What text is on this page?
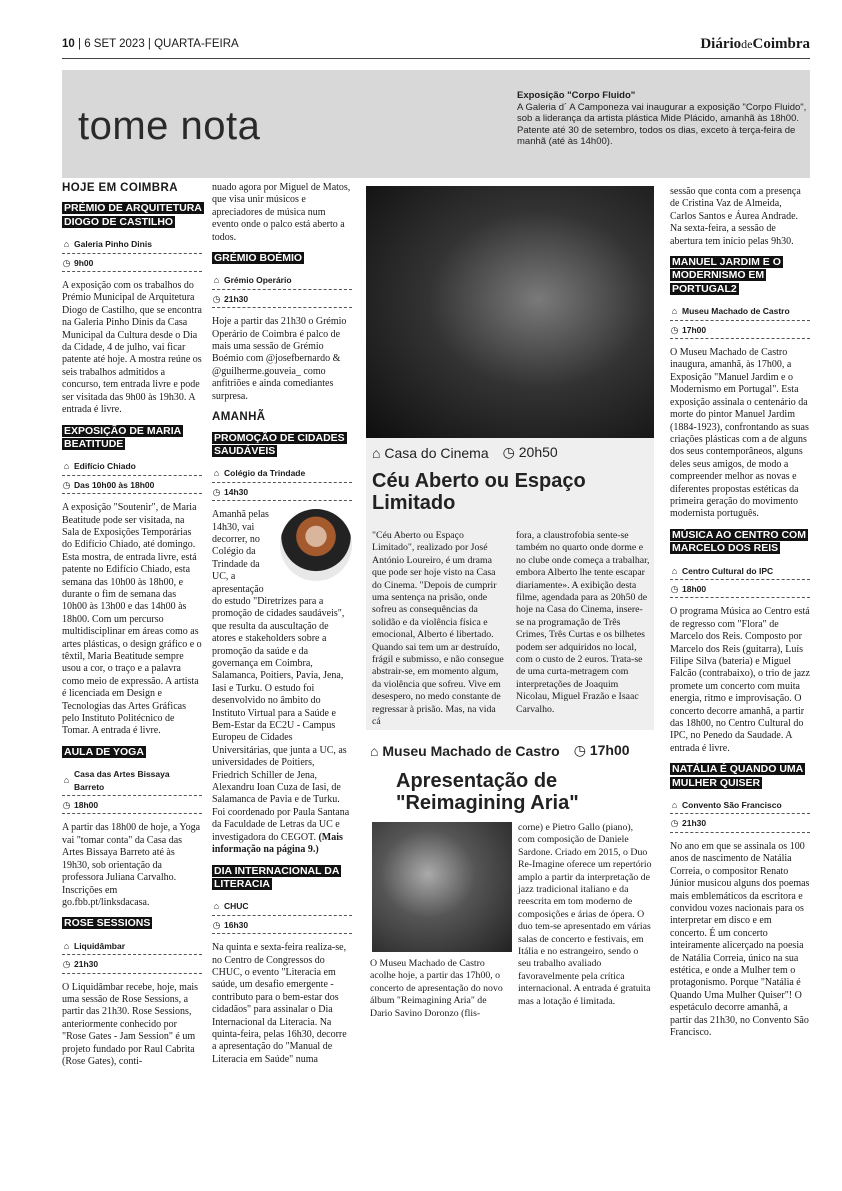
10 | 6 SET 2023 | QUARTA-FEIRA	DiáriodeCoimbra
tome nota
Exposição "Corpo Fluido"
A Galeria d´ A Camponeza vai inaugurar a exposição "Corpo Fluido", sob a liderança da artista plástica Mide Plácido, amanhã às 18h00. Patente até 30 de setembro, todos os dias, exceto à terça-feira de manhã (até às 14h00).
HOJE EM COIMBRA
PRÉMIO DE ARQUITETURA DIOGO DE CASTILHO
⌂ Galeria Pinho Dinis
◷ 9h00

A exposição com os trabalhos do Prémio Municipal de Arquitetura Diogo de Castilho, que se encontra na Galeria Pinho Dinis da Casa Municipal da Cultura desde o Dia da Cidade, 4 de julho, vai ficar patente até hoje. A mostra reúne os seis trabalhos admitidos a concurso, tem entrada livre e pode ser visitada das 9h00 às 19h30. A entrada é livre.

EXPOSIÇÃO DE MARIA BEATITUDE
⌂ Edifício Chiado
◷ Das 10h00 às 18h00

A exposição "Soutenir", de Maria Beatitude pode ser visitada, na Sala de Exposições Temporárias do Edifício Chiado, até domingo. Esta mostra, de entrada livre, está patente no Edifício Chiado, esta semana das 10h00 às 18h00, e durante o fim de semana das 10h00 às 13h00 e das 14h00 às 18h00. Com um percurso multidisciplinar em áreas como as artes plásticas, o design gráfico e o têxtil, Maria Beatitude sempre usou a cor, o traço e a palavra como meio de expressão. A artista é licenciada em Design e Tecnologias das Artes Gráficas pelo Instituto Politécnico de Tomar. A entrada é livre.

AULA DE YOGA
⌂
Casa das Artes Bissaya Barreto
◷ 18h00

A partir das 18h00 de hoje, a Yoga vai "tomar conta" da Casa das Artes Bissaya Barreto até às 19h30, sob orientação da professora Juliana Carvalho. Inscrições em go.fbb.pt/linksdacasa.

ROSE SESSIONS
⌂ Liquidâmbar
◷ 21h30

O Liquidâmbar recebe, hoje, mais uma sessão de Rose Sessions, a partir das 21h30. Rose Sessions, anteriormente conhecido por "Rose Gates - Jam Session" é um projeto fundado por Raul Cabrita (Rose Gates), conti-

nuado agora por Miguel de Matos, que visa unir músicos e apreciadores de música num evento onde o palco está aberto a todos.

GRÉMIO BOÉMIO
⌂ Grémio Operário
◷ 21h30

Hoje a partir das 21h30 o Grémio Operário de Coimbra é palco de mais uma sessão de Grémio Boémio com @josefbernardo & @guilherme.gouveia_ como anfitriões e ainda comediantes surpresa.

AMANHÃ
PROMOÇÃO DE CIDADES SAUDÁVEIS
⌂ Colégio da Trindade
◷ 14h30

Amanhã pelas 14h30, vai decorrer, no Colégio da Trindade da UC, a apresentação do estudo "Diretrizes para a promoção de cidades saudáveis", que resulta da auscultação de atores e stakeholders sobre a promoção da saúde e da governança em Coimbra, Salamanca, Poitiers, Pavia, Jena, Iasi e Turku. O estudo foi desenvolvido no âmbito do Instituto Virtual para a Saúde e Bem-Estar da EC2U - Campus Europeu de Cidades Universitárias, que junta a UC, as universidades de Poitiers, Friedrich Schiller de Jena, Alexandru Ioan Cuza de Iasi, de Salamanca de Pavia e de Turku. Foi coordenado por Paula Santana da Faculdade de Letras da UC e investigadora do CEGOT. (Mais informação na página 9.)

DIA INTERNACIONAL DA LITERACIA
⌂ CHUC
◷ 16h30

Na quinta e sexta-feira realiza-se, no Centro de Congressos do CHUC, o evento "Literacia em saúde, um desafio emergente - contributo para o bem-estar dos cidadãos" para assinalar o Dia Internacional da Literacia. Na quinta-feira, pelas 16h30, decorre a apresentação do "Manual de Literacia em Saúde" numa

⌂ Casa do Cinema ◷ 20h50
Céu Aberto ou Espaço Limitado
"Céu Aberto ou Espaço Limitado", realizado por José António Loureiro, é um drama que pode ser hoje visto na Casa do Cinema. "Depois de cumprir uma sentença na prisão, onde sofreu as consequências da solidão e da violência física e emocional, Alberto é libertado. Quando sai tem um ar destruído, frágil e submisso, e não consegue abstrair-se, em momento algum, da violência que sofreu. Vive em desespero, no medo constante de regressar à prisão. Mas, na vida cá
fora, a claustrofobia sente-se também no quarto onde dorme e no clube onde começa a trabalhar, embora Alberto lhe tente escapar diariamente». A exibição desta filme, agendada para as 20h50 de hoje na Casa do Cinema, insere-se na programação de Três Crimes, Três Curtas e os bilhetes podem ser adquiridos no local, com o custo de 2 euros. Trata-se de uma curta-metragem com interpretações de Joaquim Nicolau, Miguel Frazão e Isaac Carvalho.
⌂ Museu Machado de Castro ◷ 17h00
Apresentação de "Reimagining Aria"
O Museu Machado de Castro acolhe hoje, a partir das 17h00, o concerto de apresentação do novo álbum "Reimagining Aria" de Dario Savino Doronzo (flis-
corne) e Pietro Gallo (piano), com composição de Daniele Sardone. Criado em 2015, o Duo Re-Imagine oferece um repertório amplo a partir da interpretação de jazz tradicional italiano e da reescrita em tom moderno de composições e árias de ópera. O duo tem-se apresentado em várias salas de concerto e festivais, em Itália e no estrangeiro, sendo o seu trabalho avaliado favoravelmente pela crítica internacional. A entrada é gratuita mas a lotação é limitada.

sessão que conta com a presença de Cristina Vaz de Almeida, Carlos Santos e Áurea Andrade. Na sexta-feira, a sessão de abertura tem início pelas 9h30.

MANUEL JARDIM E O MODERNISMO EM PORTUGAL2
⌂ Museu Machado de Castro
◷ 17h00

O Museu Machado de Castro inaugura, amanhã, às 17h00, a Exposição "Manuel Jardim e o Modernismo em Portugal". Esta exposição assinala o centenário da morte do pintor Manuel Jardim (1884-1923), confrontando as suas criações plásticas com a de alguns dos seus contemporâneos, alguns deles seus amigos, de modo a compreender melhor as novas e diferentes propostas estéticas da primeira geração do movimento modernista português.

MÚSICA AO CENTRO COM MARCELO DOS REIS
⌂ Centro Cultural do IPC
◷ 18h00

O programa Música ao Centro está de regresso com "Flora" de Marcelo dos Reis. Composto por Marcelo dos Reis (guitarra), Luís Filipe Silva (bateria) e Miguel Falcão (contrabaixo), o trio de jazz promete um concerto com muita energia, ritmo e improvisação. O concerto decorre amanhã, a partir das 18h00, no Centro Cultural do IPC, no Penedo da Saudade. A entrada é livre.

NATÁLIA É QUANDO UMA MULHER QUISER
⌂ Convento São Francisco
◷ 21h30

No ano em que se assinala os 100 anos de nascimento de Natália Correia, o compositor Renato Júnior musicou alguns dos poemas mais emblemáticos da escritora e convidou vozes nacionais para os interpretar em disco e em concerto. É um concerto inteiramente alicerçado na poesia de Natália Correia, único na sua estética, e onde a Mulher tem o protagonismo. Porque "Natália é Quando Uma Mulher Quiser"! O espetáculo decorre amanhã, a partir das 21h30, no Convento São Francisco.
